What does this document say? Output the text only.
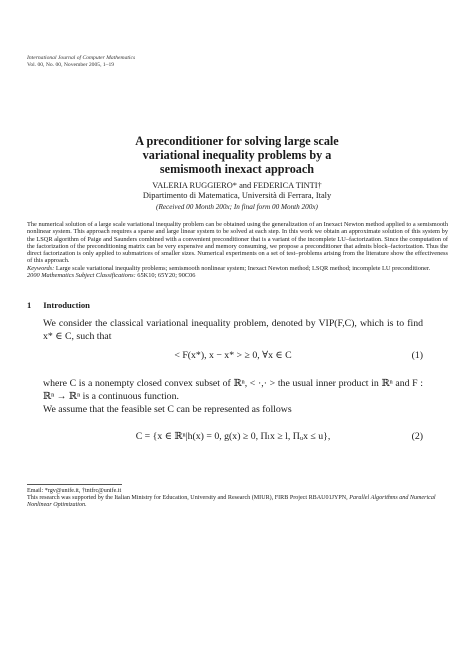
International Journal of Computer Mathematics
Vol. 00, No. 00, November 2005, 1–19
A preconditioner for solving large scale
variational inequality problems by a
semismooth inexact approach
VALERIA RUGGIERO* and FEDERICA TINTI†
Dipartimento di Matematica, Università di Ferrara, Italy
(Received 00 Month 200x; In final form 00 Month 200x)

The numerical solution of a large scale variational inequality problem can be obtained using the generalization of an Inexact Newton method applied to a semismooth nonlinear system. This approach requires a sparse and large linear system to be solved at each step. In this work we obtain an approximate solution of this system by the LSQR algorithm of Paige and Saunders combined with a convenient preconditioner that is a variant of the incomplete LU–factorization. Since the computation of the factorization of the preconditioning matrix can be very expensive and memory consuming, we propose a preconditioner that admits block–factorization. Thus the direct factorization is only applied to submatrices of smaller sizes. Numerical experiments on a set of test–problems arising from the literature show the effectiveness of this approach.

Keywords: Large scale variational inequality problems; semismooth nonlinear system; Inexact Newton method; LSQR method; incomplete LU preconditioner.

2000 Mathematics Subject Classifications: 65K10; 65Y20; 90C06

1 Introduction

We consider the classical variational inequality problem, denoted by VIP(F,C), which is to find x* ∈ C, such that

< F(x*), x − x* > ≥ 0, ∀x ∈ C	(1)

where C is a nonempty closed convex subset of ℝⁿ, < ·,· > the usual inner product in ℝⁿ and F : ℝⁿ → ℝⁿ is a continuous function.

We assume that the feasible set C can be represented as follows

C = {x ∈ ℝⁿ|h(x) = 0, g(x) ≥ 0, Πₗx ≥ l, Πᵤx ≤ u},	(2)

Email: *rgv@unife.it, †tntfrc@unife.it

This research was supported by the Italian Ministry for Education, University and Research (MIUR), FIRB Project RBAU01JYPN, Parallel Algorithms and Numerical Nonlinear Optimization.
